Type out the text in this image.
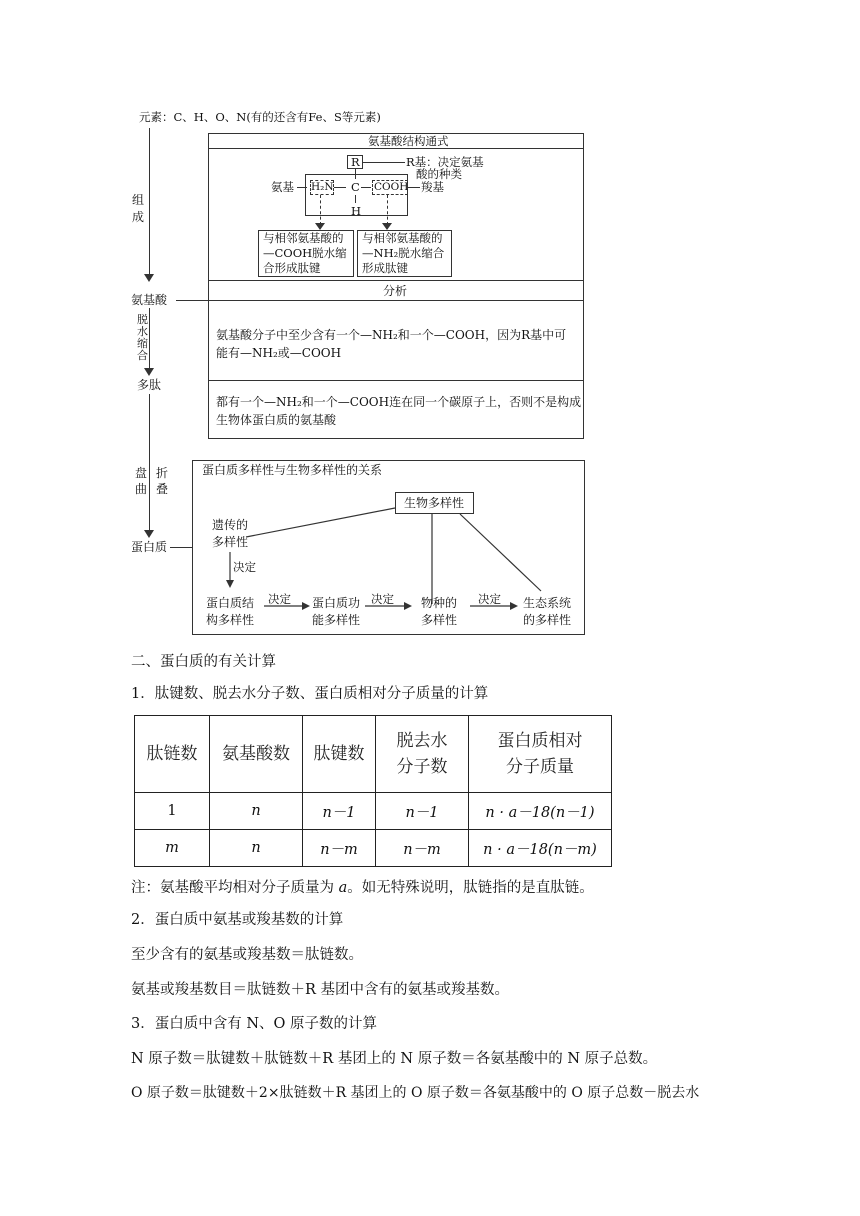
元素：C、H、O、N(有的还含有Fe、S等元素)
组
成
氨基酸
脱
水
缩
合
多肽
盘
曲
折
叠
蛋白质
氨基酸结构通式
R	R基：决定氨基
酸的种类
氨基 H₂N C COOH 羧基
H
与相邻氨基酸的
—COOH脱水缩
合形成肽键
与相邻氨基酸的
—NH₂脱水缩合
形成肽键
分析
氨基酸分子中至少含有一个—NH₂和一个—COOH，因为R基中可
能有—NH₂或—COOH
都有一个—NH₂和一个—COOH连在同一个碳原子上，否则不是构成
生物体蛋白质的氨基酸
蛋白质多样性与生物多样性的关系
生物多样性
遗传的
多样性
决定
蛋白质结
构多样性
决定 蛋白质功
能多样性
决定 物种的
多样性
决定 生态系统
的多样性
二、蛋白质的有关计算
1．肽键数、脱去水分子数、蛋白质相对分子质量的计算
肽链数	氨基酸数	肽键数	脱去水
分子数	蛋白质相对
分子质量
1	n	n－1	n－1	n · a－18(n－1)
m	n	n－m	n－m	n · a－18(n－m)
注：氨基酸平均相对分子质量为 a。如无特殊说明，肽链指的是直肽链。
2．蛋白质中氨基或羧基数的计算
至少含有的氨基或羧基数＝肽链数。
氨基或羧基数目＝肽链数＋R 基团中含有的氨基或羧基数。
3．蛋白质中含有 N、O 原子数的计算
N 原子数＝肽键数＋肽链数＋R 基团上的 N 原子数＝各氨基酸中的 N 原子总数。
O 原子数＝肽键数＋2×肽链数＋R 基团上的 O 原子数＝各氨基酸中的 O 原子总数－脱去水
